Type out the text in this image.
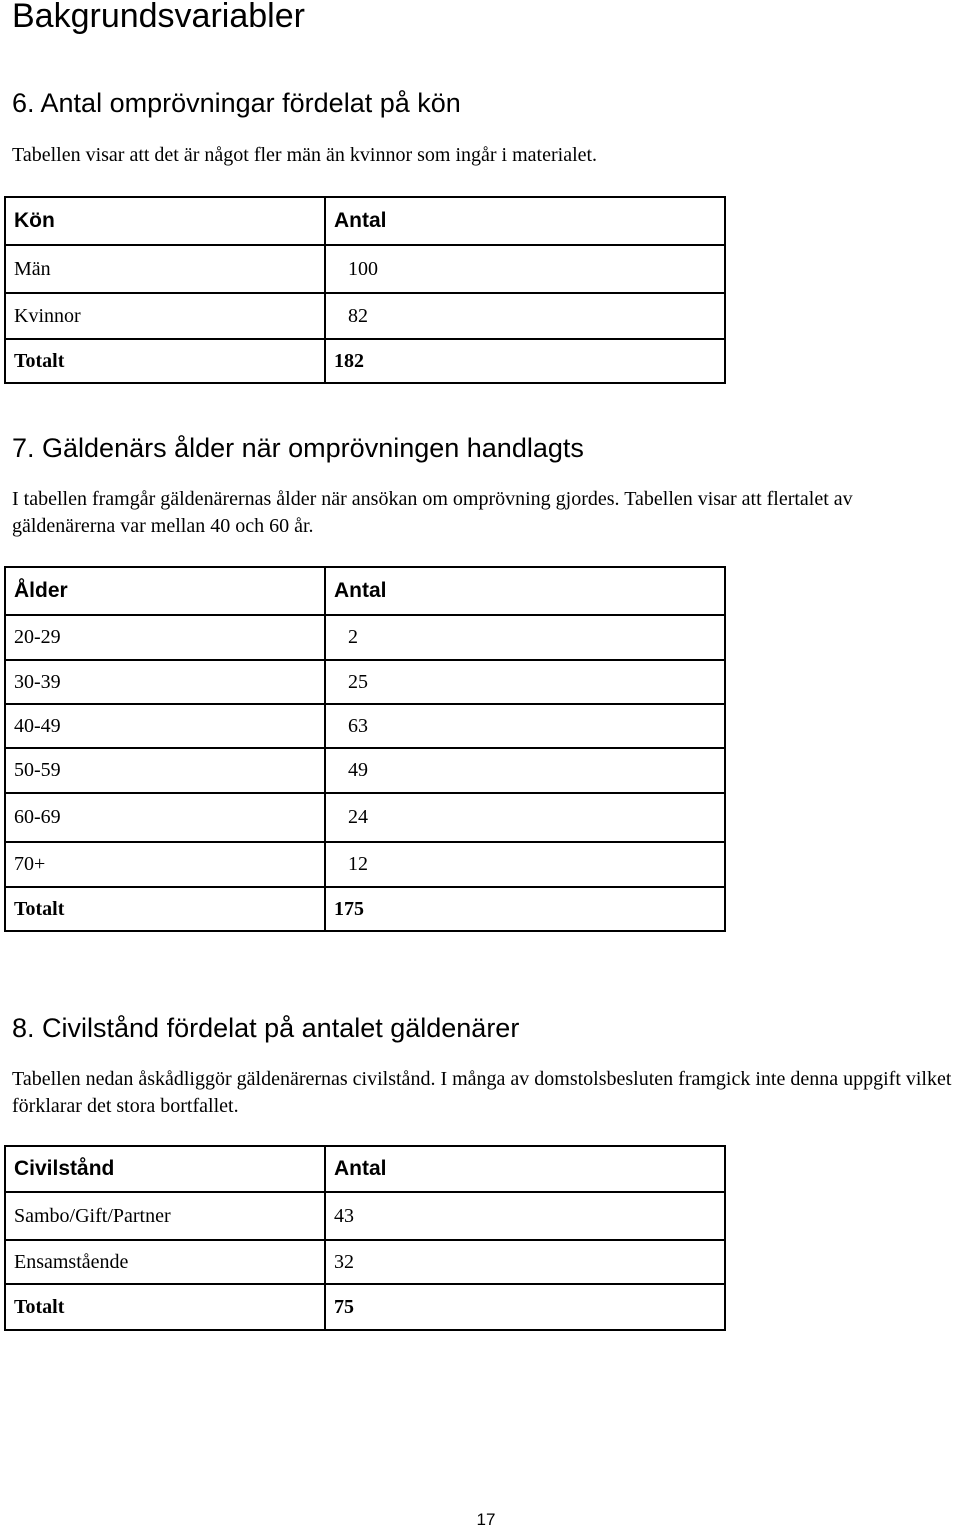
Bakgrundsvariabler
6. Antal omprövningar fördelat på kön

Tabellen visar att det är något fler män än kvinnor som ingår i materialet.

Kön	Antal
Män	100
Kvinnor	82
Totalt	182
7. Gäldenärs ålder när omprövningen handlagts

I tabellen framgår gäldenärernas ålder när ansökan om omprövning gjordes. Tabellen visar att flertalet av gäldenärerna var mellan 40 och 60 år.

Ålder	Antal
20-29	2
30-39	25
40-49	63
50-59	49
60-69	24
70+	12
Totalt	175
8. Civilstånd fördelat på antalet gäldenärer

Tabellen nedan åskådliggör gäldenärernas civilstånd. I många av domstolsbesluten framgick inte denna uppgift vilket förklarar det stora bortfallet.

Civilstånd	Antal
Sambo/Gift/Partner	43
Ensamstående	32
Totalt	75
17
